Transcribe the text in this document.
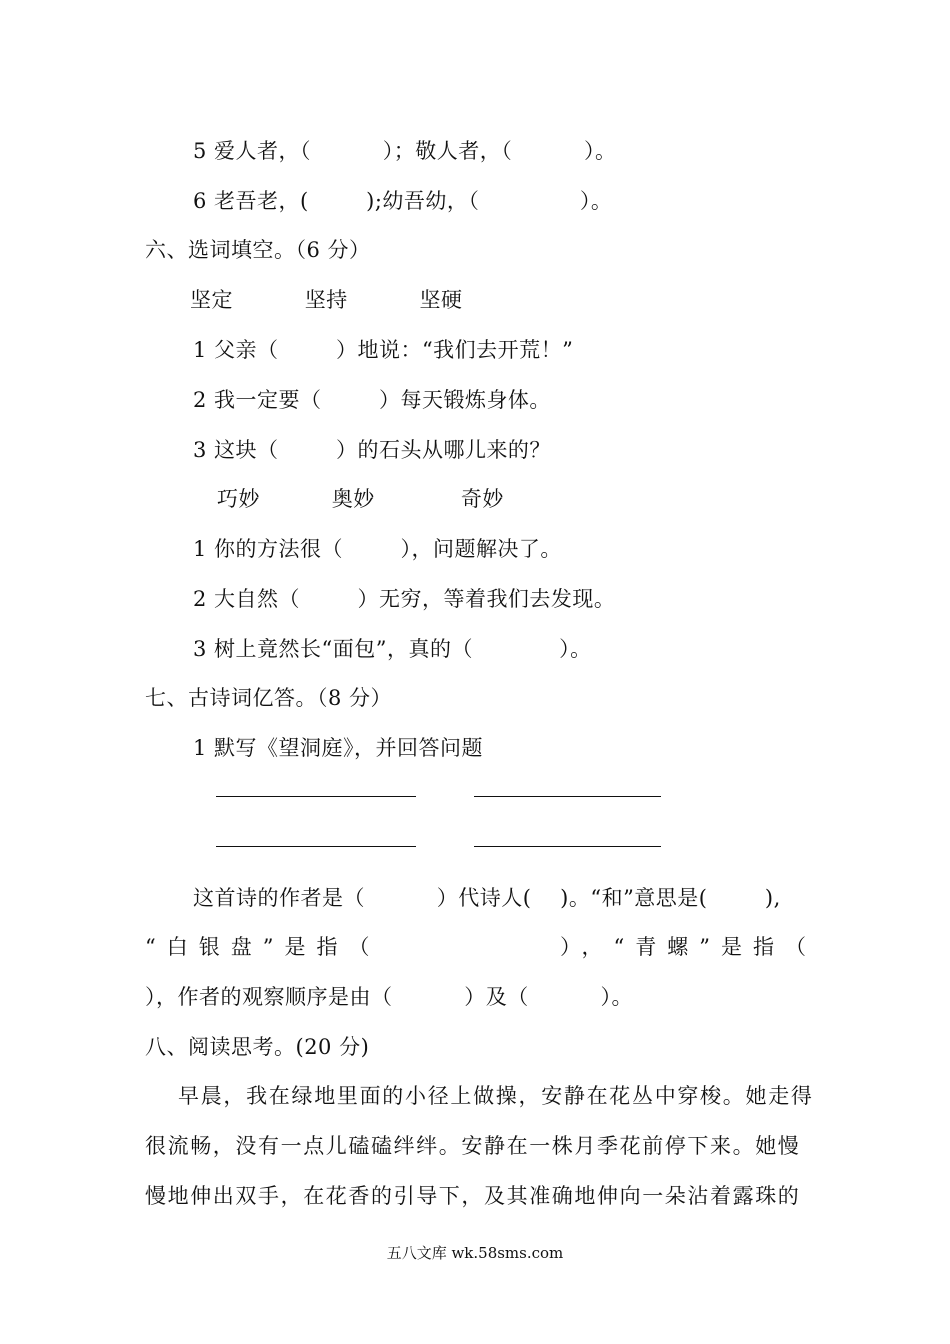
5 爱人者，（          ）；敬人者，（          ）。
6 老吾老，(        );幼吾幼，（              ）。
六、选词填空。（6 分）
坚定          坚持          坚硬
1 父亲（        ）地说：“我们去开荒！”
2 我一定要（        ）每天锻炼身体。
3 这块（        ）的石头从哪儿来的？
巧妙          奥妙            奇妙
1 你的方法很（        ），问题解决了。
2 大自然（        ）无穷，等着我们去发现。
3 树上竟然长“面包”，真的（            ）。
七、古诗词亿答。（8 分）
1 默写《望洞庭》，并回答问题
这首诗的作者是（          ）代诗人(    )。“和”意思是(        ),
“白银盘”是指（	），“青螺”是指（
），作者的观察顺序是由（          ）及（          ）。
八、阅读思考。(20 分)
早晨，我在绿地里面的小径上做操，安静在花丛中穿梭。她走得
很流畅，没有一点儿磕磕绊绊。安静在一株月季花前停下来。她慢
慢地伸出双手，在花香的引导下，及其准确地伸向一朵沾着露珠的
五八文库 wk.58sms.com
